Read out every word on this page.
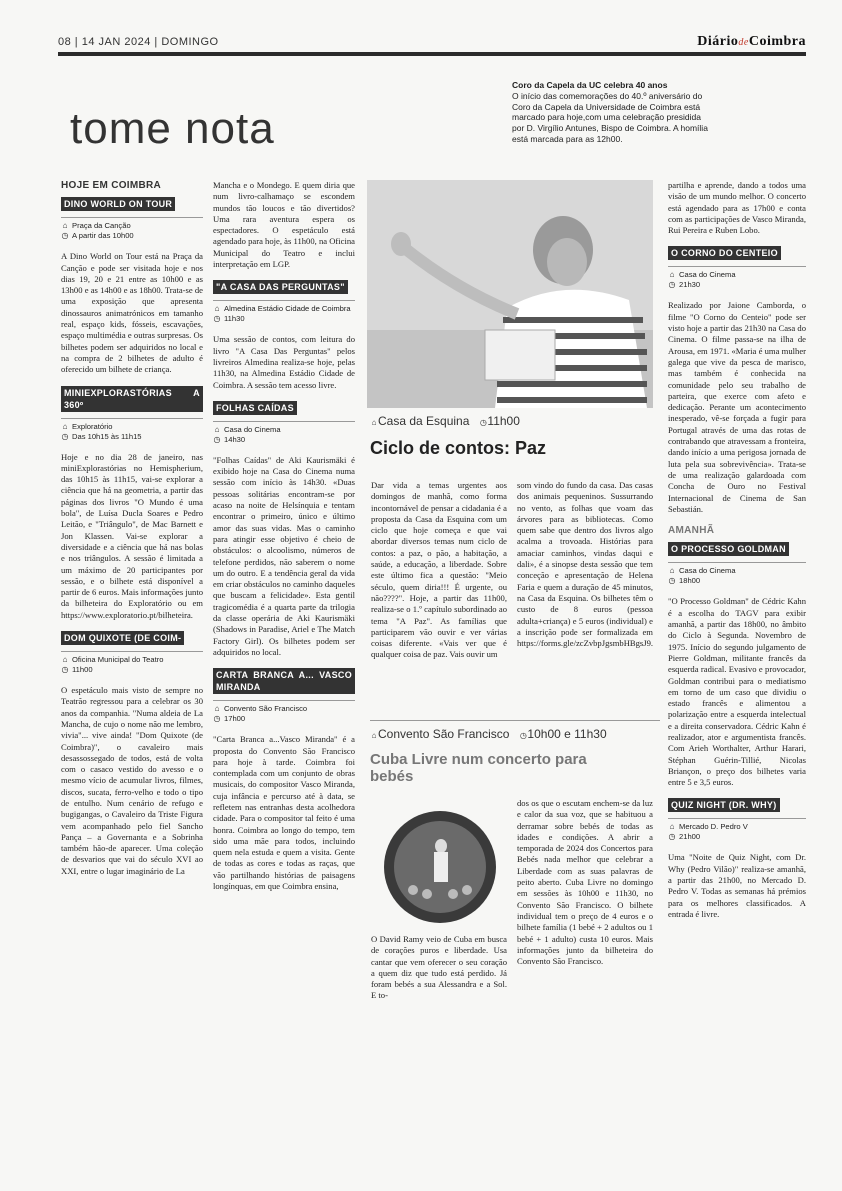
08 | 14 JAN 2024 | DOMINGO	DiáriodeCoimbra
tome nota
Coro da Capela da UC celebra 40 anos
O início das comemorações do 40.º aniversário do Coro da Capela da Universidade de Coimbra está marcado para hoje,com uma celebração presidida por D. Virgílio Antunes, Bispo de Coimbra. A homília está marcada para as 12h00.
HOJE EM COIMBRA
DINO WORLD ON TOUR
⌂ Praça da Canção
◷ A partir das 10h00

A Dino World on Tour está na Praça da Canção e pode ser visitada hoje e nos dias 19, 20 e 21 entre as 10h00 e as 13h00 e as 14h00 e as 18h00. Trata-se de uma exposição que apresenta dinossauros animatrónicos em tamanho real, espaço kids, fósseis, escavações, espaço multimédia e outras surpresas. Os bilhetes podem ser adquiridos no local e na compra de 2 bilhetes de adulto é oferecido um bilhete de criança.

MINIEXPLORASTÓRIAS A 360º
⌂ Exploratório
◷ Das 10h15 às 11h15

Hoje e no dia 28 de janeiro, nas miniExplorastórias no Hemispherium, das 10h15 às 11h15, vai-se explorar a ciência que há na geometria, a partir das páginas dos livros "O Mundo é uma bola", de Luísa Ducla Soares e Pedro Leitão, e "Triângulo", de Mac Barnett e Jon Klassen. Vai-se explorar a diversidade e a ciência que há nas bolas e nos triângulos. A sessão é limitada a um máximo de 20 participantes por sessão, e o bilhete está disponível a partir de 6 euros. Mais informações junto da bilheteira do Exploratório ou em https://www.exploratorio.pt/bilheteira.

DOM QUIXOTE (DE COIM-
⌂ Oficina Municipal do Teatro
◷ 11h00

O espetáculo mais visto de sempre no Teatrão regressou para a celebrar os 30 anos da companhia. "Numa aldeia de La Mancha, de cujo o nome não me lembro, vivia"... vive ainda! "Dom Quixote (de Coimbra)", o cavaleiro mais desassossegado de todos, está de volta com o casaco vestido do avesso e o mesmo vício de acumular livros, filmes, discos, sucata, ferro-velho e todo o tipo de entulho. Num cenário de refugo e bugigangas, o Cavaleiro da Triste Figura vem acompanhado pelo fiel Sancho Pança – a Governanta e a Sobrinha também hão-de aparecer. Uma coleção de desvarios que vai do século XVI ao XXI, entre o lugar imaginário de La

Mancha e o Mondego. E quem diria que num livro-calhamaço se escondem mundos tão loucos e tão divertidos? Uma rara aventura espera os espectadores. O espetáculo está agendado para hoje, às 11h00, na Oficina Municipal do Teatro e inclui interpretação em LGP.

"A CASA DAS PERGUNTAS"
⌂ Almedina Estádio Cidade de Coimbra
◷ 11h30

Uma sessão de contos, com leitura do livro "A Casa Das Perguntas" pelos livreiros Almedina realiza-se hoje, pelas 11h30, na Almedina Estádio Cidade de Coimbra. A sessão tem acesso livre.

FOLHAS CAÍDAS
⌂ Casa do Cinema
◷ 14h30

"Folhas Caídas" de Aki Kaurismäki é exibido hoje na Casa do Cinema numa sessão com início às 14h30. «Duas pessoas solitárias encontram-se por acaso na noite de Helsínquia e tentam encontrar o primeiro, único e último amor das suas vidas. Mas o caminho para atingir esse objetivo é cheio de obstáculos: o alcoolismo, números de telefone perdidos, não saberem o nome um do outro. E a tendência geral da vida em criar obstáculos no caminho daqueles que buscam a felicidade». Esta gentil tragicomédia é a quarta parte da trilogia da classe operária de Aki Kaurismäki (Shadows in Paradise, Ariel e The Match Factory Girl). Os bilhetes podem ser adquiridos no local.

CARTA BRANCA A... VASCO MIRANDA
⌂ Convento São Francisco
◷ 17h00

"Carta Branca a...Vasco Miranda" é a proposta do Convento São Francisco para hoje à tarde. Coimbra foi contemplada com um conjunto de obras musicais, do compositor Vasco Miranda, cuja infância e percurso até à data, se refletem nas entranhas desta acolhedora cidade. Para o compositor tal feito é uma honra. Coimbra ao longo do tempo, tem sido uma mãe para todos, incluindo quem nela estuda e quem a visita. Gente de todas as cores e todas as raças, que vão partilhando histórias de paisagens longínquas, em que Coimbra ensina,

⌂ Casa da Esquina ◷11h00
Ciclo de contos: Paz

Dar vida a temas urgentes aos domingos de manhã, como forma incontornável de pensar a cidadania é a proposta da Casa da Esquina com um ciclo que hoje começa e que vai abordar diversos temas num ciclo de contos: a paz, o pão, a habitação, a saúde, a educação, a liberdade. Sobre este último fica a questão: "Meio século, quem diria!!! É urgente, ou não????". Hoje, a partir das 11h00, realiza-se o 1.º capítulo subordinado ao tema "A Paz". As famílias que participarem vão ouvir e ver várias coisas diferente. «Vais ver que é qualquer coisa de paz. Vais ouvir um

som vindo do fundo da casa. Das casas dos animais pequeninos. Sussurrando no vento, as folhas que voam das árvores para as bibliotecas. Como quem sabe que dentro dos livros algo acalma a trovoada. Histórias para amaciar caminhos, vindas daqui e dali», é a sinopse desta sessão que tem conceção e apresentação de Helena Faria e quem a duração de 45 minutos, na Casa da Esquina. Os bilhetes têm o custo de 8 euros (pessoa adulta+criança) e 5 euros (individual) e a inscrição pode ser formalizada em https://forms.gle/zcZvbpJgsmbHBgsJ9.

⌂ Convento São Francisco ◷10h00 e 11h30
Cuba Livre num concerto para bebés

O David Ramy veio de Cuba em busca de corações puros e liberdade. Usa cantar que vem oferecer o seu coração a quem diz que tudo está perdido. Já foram bebés a sua Alessandra e a Sol. E to-

dos os que o escutam enchem-se da luz e calor da sua voz, que se habituou a derramar sobre bebés de todas as idades e condições. A abrir a temporada de 2024 dos Concertos para Bebés nada melhor que celebrar a Liberdade com as suas palavras de peito aberto. Cuba Livre no domingo em sessões às 10h00 e 11h30, no Convento São Francisco. O bilhete individual tem o preço de 4 euros e o bilhete família (1 bebé + 2 adultos ou 1 bebé + 1 adulto) custa 10 euros. Mais informações junto da bilheteira do Convento São Francisco.

partilha e aprende, dando a todos uma visão de um mundo melhor. O concerto está agendado para as 17h00 e conta com as participações de Vasco Miranda, Rui Pereira e Ruben Lobo.

O CORNO DO CENTEIO
⌂ Casa do Cinema
◷ 21h30

Realizado por Jaione Camborda, o filme "O Corno do Centeio" pode ser visto hoje a partir das 21h30 na Casa do Cinema. O filme passa-se na ilha de Arousa, em 1971. «Maria é uma mulher galega que vive da pesca de marisco, mas também é conhecida na comunidade pelo seu trabalho de parteira, que exerce com afeto e dedicação. Perante um acontecimento inesperado, vê-se forçada a fugir para Portugal através de uma das rotas de contrabando que atravessam a fronteira, dando início a uma perigosa jornada de luta pela sua sobrevivência». Trata-se de uma realização galardoada com Concha de Ouro no Festival Internacional de Cinema de San Sebastián.

AMANHÃ
O PROCESSO GOLDMAN
⌂ Casa do Cinema
◷ 18h00

"O Processo Goldman" de Cédric Kahn é a escolha do TAGV para exibir amanhã, a partir das 18h00, no âmbito do Ciclo à Segunda. Novembro de 1975. Início do segundo julgamento de Pierre Goldman, militante francês da esquerda radical. Evasivo e provocador, Goldman contribui para o mediatismo em torno de um caso que dividiu o estado francês e alimentou a polarização entre a esquerda intelectual e a direita conservadora. Cédric Kahn é realizador, ator e argumentista francês. Com Arieh Worthalter, Arthur Harari, Stéphan Guérin-Tillié, Nicolas Briançon, o preço dos bilhetes varia entre 5 e 3,5 euros.

QUIZ NIGHT (DR. WHY)
⌂ Mercado D. Pedro V
◷ 21h00

Uma "Noite de Quiz Night, com Dr. Why (Pedro Vilão)" realiza-se amanhã, a partir das 21h00, no Mercado D. Pedro V. Todas as semanas há prémios para os melhores classificados. A entrada é livre.
